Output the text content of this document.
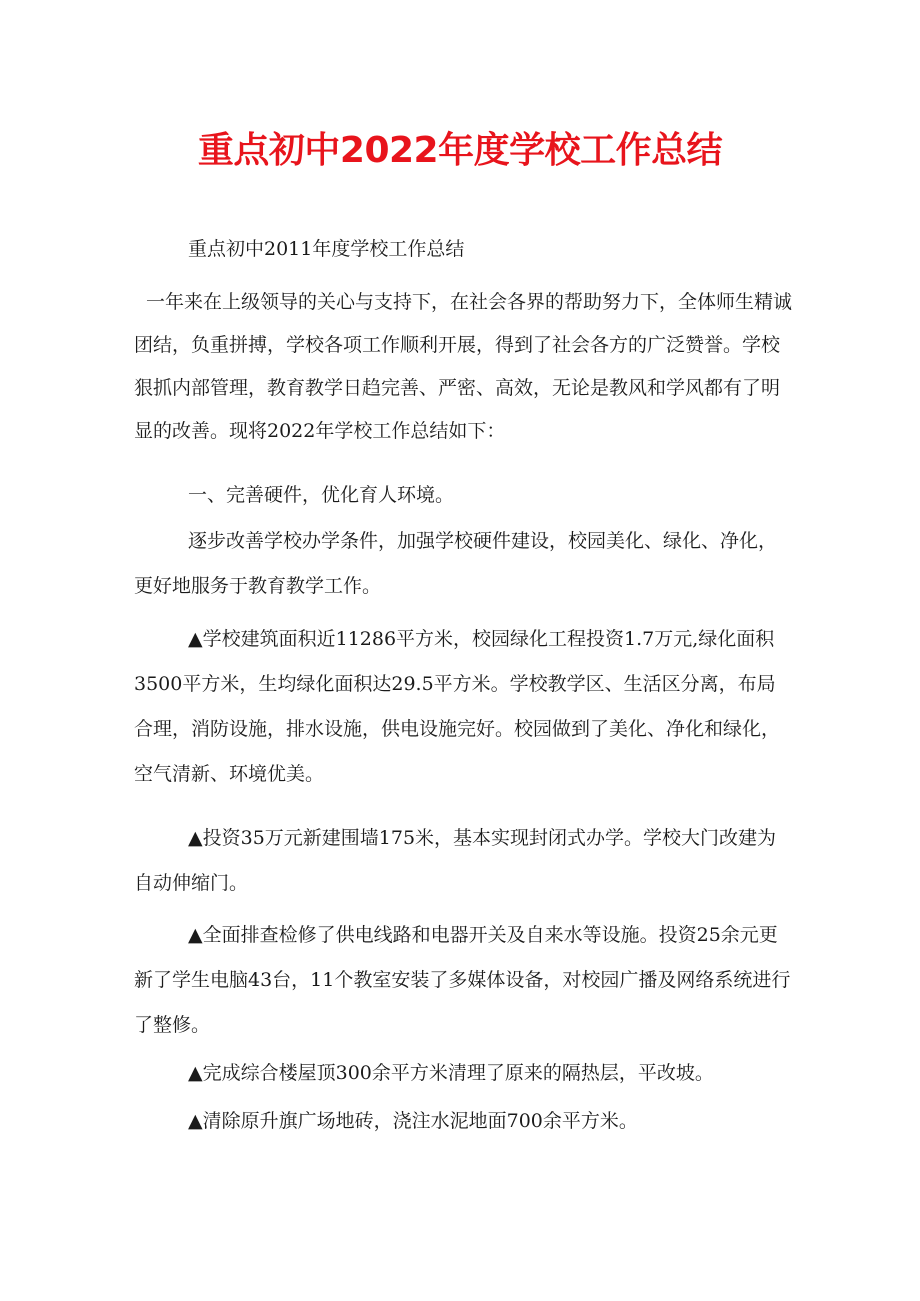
重点初中2022年度学校工作总结
重点初中2011年度学校工作总结
一年来在上级领导的关心与支持下，在社会各界的帮助努力下，全体师生精诚团结，负重拼搏，学校各项工作顺利开展，得到了社会各方的广泛赞誉。学校狠抓内部管理，教育教学日趋完善、严密、高效，无论是教风和学风都有了明显的改善。现将2022年学校工作总结如下：
一、完善硬件，优化育人环境。
逐步改善学校办学条件，加强学校硬件建设，校园美化、绿化、净化，更好地服务于教育教学工作。
▲学校建筑面积近11286平方米，校园绿化工程投资1.7万元,绿化面积3500平方米，生均绿化面积达29.5平方米。学校教学区、生活区分离，布局合理，消防设施，排水设施，供电设施完好。校园做到了美化、净化和绿化，空气清新、环境优美。
▲投资35万元新建围墙175米，基本实现封闭式办学。学校大门改建为自动伸缩门。
▲全面排查检修了供电线路和电器开关及自来水等设施。投资25余元更新了学生电脑43台，11个教室安装了多媒体设备，对校园广播及网络系统进行了整修。
▲完成综合楼屋顶300余平方米清理了原来的隔热层，平改坡。
▲清除原升旗广场地砖，浇注水泥地面700余平方米。
